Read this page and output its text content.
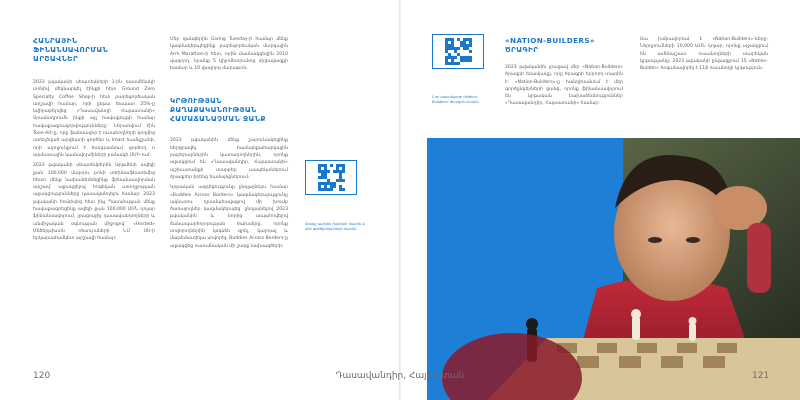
ՀԱՆՐԱՅԻՆ ՖԻՆԱՆՍԱՎՈՐՄԱՆ ԱՐՇԱՎՆԵՐ

2023 թվականի սեպտեմբերի 1-ին ռատմենսկի տոնիվ մեկնարկել էինքի հետ Ground Zero Specialty Coffee Shop-ի հետ բարեգործական արշավի համար, որի ընթա ծսպատ 25%-ը նվիրաբերվեց «Դասավանդի Հայաստանի» Տրամադրումն ինքի այլ հավաքույթի համար հավաքագրավորվությունները: Ներառվում էին Toon-Art-ը, որը ֆանսավոր է ուսանողների կողմից ստեղծված արվեստի գործեր և Imast համկլշանի, որի արդյունքում է ծաղկասնում գործող ռ արմատային կամավորմիների բանակի ՍՄԻ-ում:

2023 թվականի սեպտեմբերին Արթմենի ավելի քան 100,000 մարդու բոնի տեխնաֆեստեմից հետո մենք նախաձեռնեցինք ֆինանսավորման արշավ՝ աջակցելով հոգեկան առողջության աջակցությունները դասավանդելու համար: 2023 թվականի հունիսից հետ ինչ Պատմության մենք հավաքագրեցինք ավելի քան 100,000 ԱՄՆ դոլար ֆինանսավորում, լրացուցիչ դասավանդողների և անմիջական օգնության միջոցով՝ «Hosted» Մեծերթիստն ոեսուրսների ՆՄ ՍՍ-ի երկարաժամկետ արշավի համար:

Մեր զանգերին Giving Tuesday-ի համար մենք կազմակերպեցինք բարեգործական մարզային Arm Marathon-ի հետ, որին մասնակցեցին 2010 վազորդ, նրանք 5 կիլոմետրանոց մրցավազքի համար և 10 վազորդ մարաթոն։

ԿՐԹՈՒԹՅԱՆ ՔԱՂԱՔԱԿԱՆՈՒԹՅԱՆ ՀԱՄԱՃԱՆԱՉՄԱՆ ՋԱՆՔ

2023 թվականին մենք շարունակեցինք ներգրավել համայնքահարկային բարերարներին կատարողներին, որոնք աջակցում են «Դասավանդիր, Հայաստանի» աշխատանքի տարբեր ասպեկտներում ծրագրեր իրենց համայնքներում։

Կրթական ազդեցությունը ընդլայնելու համար «Buddies Across Borders» կազմակերպությունը ակնառու դրամահավաքով մի խումբ ծառայողներ կազմակերպեց՝ ընդլայնելով 2023 թվականին և նորից ապահովելով ճանապարհորդության ծախսերը, որոնք սովորողներին կօգնեն գրել, կարդալ և մաթեմատիկա սովորել։ Buddies Across Borders-ը աջակցեց ուսումնական մի շարք նախագծերի։

Տեսեք ավելին խմբերի մասին և մեր գործընկերների մասին
Նոր տեսանյութ «Nation-Builders» ծրագրի մասին
«NATION-BUILDERS» ԾՐԱԳԻՐ

2023 թվականին լրացավ մեր «Nation-Builders» ծրագրի եռամյակը, որը ծրագրի երրորդ տարին է: «Nation-Builders»-ը հանդիսանում է մեր գործընկերների ցանց, որոնք ֆինանսավորում են կրթական նախաձեռնություններ «Դասավանդիր, Հայաստանի» համար:

Սա խմբավորում է «Nation-Builders»-ները։ Ներդրումների 10,000 ԱՄՆ դոլար, որոնք աջակցում են ամենաշատ ուսանողների տարեկան կրթությանը։ 2023 թվականի ընթացքում 15 «Nation-Builder» հովանավորել է 118 ուսանողի կրթություն։

120	Դասավանդիր, Հայաստան	121
